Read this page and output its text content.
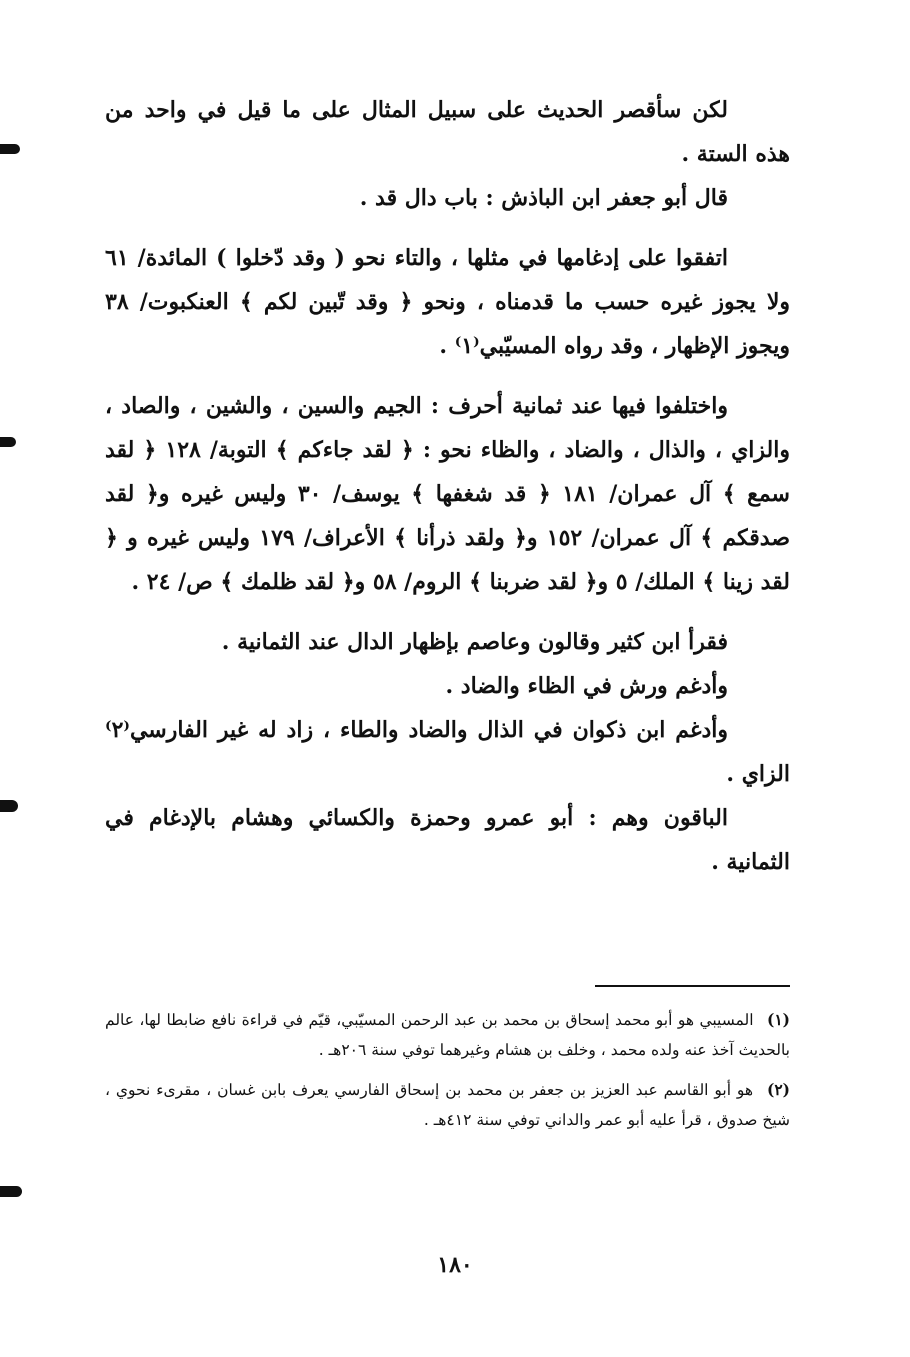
لكن سأقصر الحديث على سبيل المثال على ما قيل في واحد من هذه الستة .

قال أبو جعفر ابن الباذش : باب دال قد .

اتفقوا على إدغامها في مثلها ، والتاء نحو ( وقد دّخلوا ) المائدة/ ٦١ ولا يجوز غيره حسب ما قدمناه ، ونحو ﴿ وقد تّبين لكم ﴾ العنكبوت/ ٣٨ ويجوز الإظهار ، وقد رواه المسيّبي⁽١⁾ .

واختلفوا فيها عند ثمانية أحرف : الجيم والسين ، والشين ، والصاد ، والزاي ، والذال ، والضاد ، والظاء نحو : ﴿ لقد جاءكم ﴾ التوبة/ ١٢٨ ﴿ لقد سمع ﴾ آل عمران/ ١٨١ ﴿ قد شغفها ﴾ يوسف/ ٣٠ وليس غيره و﴿ لقد صدقكم ﴾ آل عمران/ ١٥٢ و﴿ ولقد ذرأنا ﴾ الأعراف/ ١٧٩ وليس غيره و ﴿ لقد زينا ﴾ الملك/ ٥ و﴿ لقد ضربنا ﴾ الروم/ ٥٨ و﴿ لقد ظلمك ﴾ ص/ ٢٤ .

فقرأ ابن كثير وقالون وعاصم بإظهار الدال عند الثمانية .

وأدغم ورش في الظاء والضاد .

وأدغم ابن ذكوان في الذال والضاد والطاء ، زاد له غير الفارسي⁽٢⁾ الزاي .

الباقون وهم : أبو عمرو وحمزة والكسائي وهشام بالإدغام في الثمانية .

(١) المسيبي هو أبو محمد إسحاق بن محمد بن عبد الرحمن المسيّبي، قيّم في قراءة نافع ضابطا لها، عالم بالحديث آخذ عنه ولده محمد ، وخلف بن هشام وغيرهما توفي سنة ٢٠٦هـ .

(٢) هو أبو القاسم عبد العزيز بن جعفر بن محمد بن إسحاق الفارسي يعرف بابن غسان ، مقرىء نحوي ، شيخ صدوق ، قرأ عليه أبو عمر والداني توفي سنة ٤١٢هـ .

١٨٠
